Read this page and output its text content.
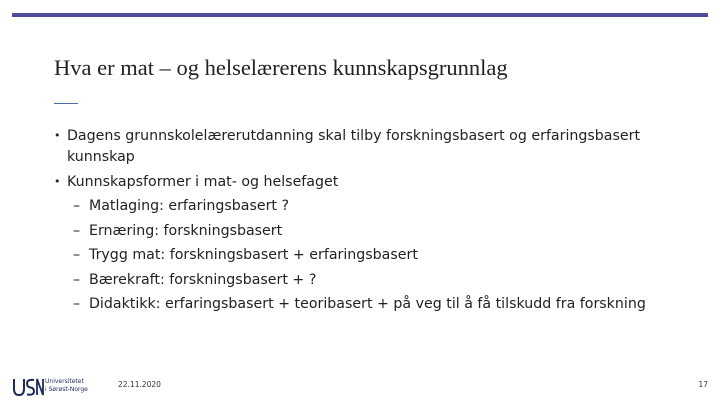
Hva er mat – og helselærerens kunnskapsgrunnlag
• Dagens grunnskolelærerutdanning skal tilby forskningsbasert og erfaringsbasert
kunnskap
• Kunnskapsformer i mat- og helsefaget
– Matlaging: erfaringsbasert ?
– Ernæring: forskningsbasert
– Trygg mat: forskningsbasert + erfaringsbasert
– Bærekraft: forskningsbasert + ?
– Didaktikk: erfaringsbasert + teoribasert + på veg til å få tilskudd fra forskning
Universitetet
i Sørøst-Norge
22.11.2020	17
